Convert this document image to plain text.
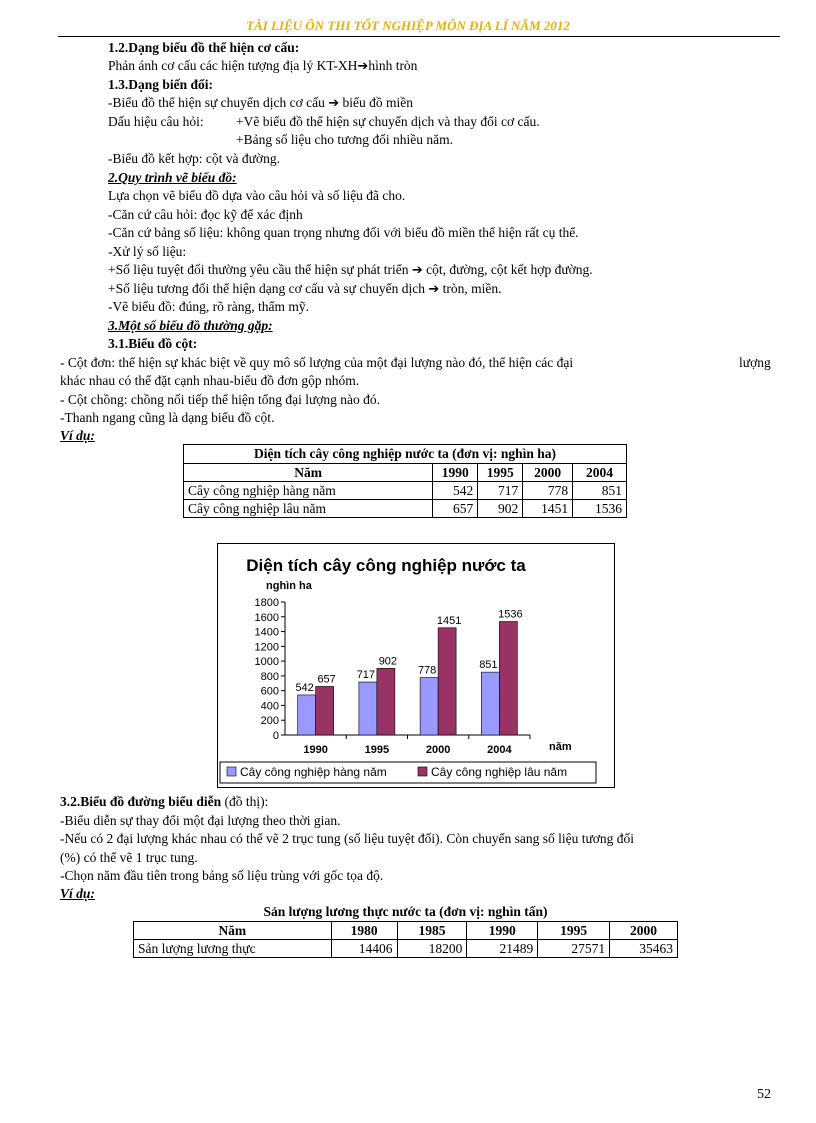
TÀI LIỆU ÔN THI TỐT NGHIỆP MÔN ĐỊA LÍ NĂM 2012
1.2.Dạng biểu đồ thể hiện cơ cấu:
Phản ánh cơ cấu các hiện tượng địa lý KT-XH➔hình tròn
1.3.Dạng biến đổi:
-Biểu đồ thể hiện sự chuyển dịch cơ cấu ➔ biểu đồ miền
Dấu hiệu câu hỏi: +Vẽ biểu đồ thể hiện sự chuyển dịch và thay đổi cơ cấu.
+Bảng số liệu cho tương đối nhiều năm.
-Biểu đồ kết hợp: cột và đường.
2.Quy trình vẽ biểu đồ:
Lựa chọn vẽ biểu đồ dựa vào câu hỏi và số liệu đã cho.
-Căn cứ câu hỏi: đọc kỹ để xác định
-Căn cứ bảng số liệu: không quan trọng nhưng đối với biểu đồ miền thể hiện rất cụ thể.
-Xử lý số liệu:
+Số liệu tuyệt đối thường yêu cầu thể hiện sự phát triển ➔ cột, đường, cột kết hợp đường.
+Số liệu tương đối thể hiện dạng cơ cấu và sự chuyển dịch ➔ tròn, miền.
-Vẽ biểu đồ: đúng, rõ ràng, thẩm mỹ.
3.Một số biểu đồ thường gặp:
3.1.Biểu đồ cột:
- Cột đơn: thể hiện sự khác biệt về quy mô số lượng của một đại lượng nào đó, thể hiện các đại	lượng
khác nhau có thể đặt cạnh nhau-biểu đồ đơn gộp nhóm.
- Cột chồng: chồng nối tiếp thể hiện tổng đại lượng nào đó.
-Thanh ngang cũng là dạng biểu đồ cột.
Ví dụ:
Diện tích cây công nghiệp nước ta (đơn vị: nghìn ha)
Năm	1990	1995	2000	2004
Cây công nghiệp hàng năm	542	717	778	851
Cây công nghiệp lâu năm	657	902	1451	1536
Diện tích cây công nghiệp nước ta
nghìn ha
năm
0
200
400
600
800
1000
1200
1400
1600
1800
1990
542
657
1995
717
902
2000
778
1451
2004
851
1536
Cây công nghiệp hàng năm	Cây công nghiệp lâu năm
3.2.Biểu đồ đường biểu diễn (đồ thị):
-Biểu diễn sự thay đổi một đại lượng theo thời gian.
-Nếu có 2 đại lượng khác nhau có thể vẽ 2 trục tung (số liệu tuyệt đối). Còn chuyển sang số liệu tương đối
(%) có thể vẽ 1 trục tung.
-Chọn năm đầu tiên trong bảng số liệu trùng với gốc tọa độ.
Ví dụ:
Sản lượng lương thực nước ta (đơn vị: nghìn tấn)
Năm	1980	1985	1990	1995	2000
Sản lượng lương thực	14406	18200	21489	27571	35463
52
